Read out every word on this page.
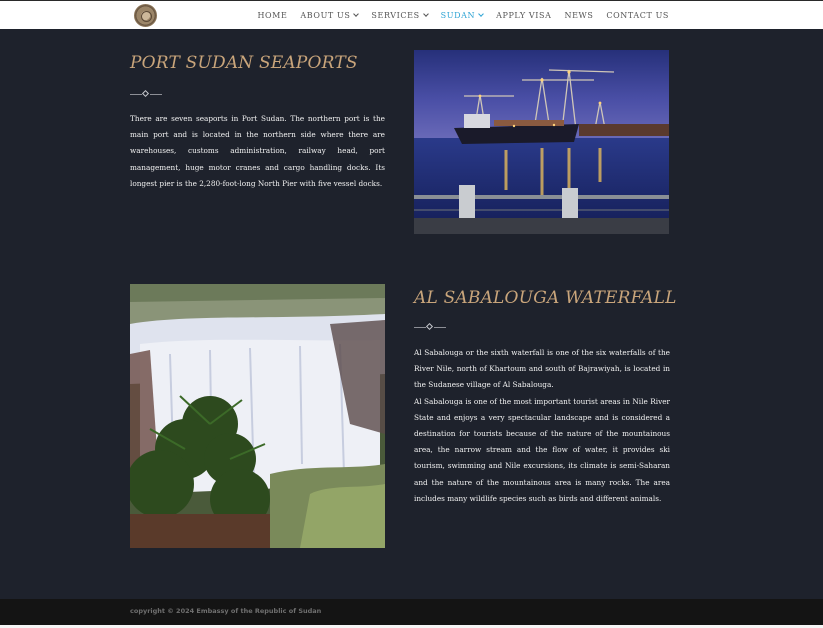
HOME ABOUT US	SERVICES	SUDAN	APPLY VISA NEWS CONTACT US
PORT SUDAN SEAPORTS
There are seven seaports in Port Sudan. The northern port is the main port and is located in the northern side where there are warehouses, customs administration, railway head, port management, huge motor cranes and cargo handling docks. Its longest pier is the 2,280-foot-long North Pier with five vessel docks.
AL SABALOUGA WATERFALL
Al Sabalouga or the sixth waterfall is one of the six waterfalls of the River Nile, north of Khartoum and south of Bajrawiyah, is located in the Sudanese village of Al Sabalouga.
Al Sabalouga is one of the most important tourist areas in Nile River State and enjoys a very spectacular landscape and is considered a destination for tourists because of the nature of the mountainous area, the narrow stream and the flow of water, it provides ski tourism, swimming and Nile excursions, its climate is semi-Saharan and the nature of the mountainous area is many rocks. The area includes many wildlife species such as birds and different animals.
copyright © 2024 Embassy of the Republic of Sudan
